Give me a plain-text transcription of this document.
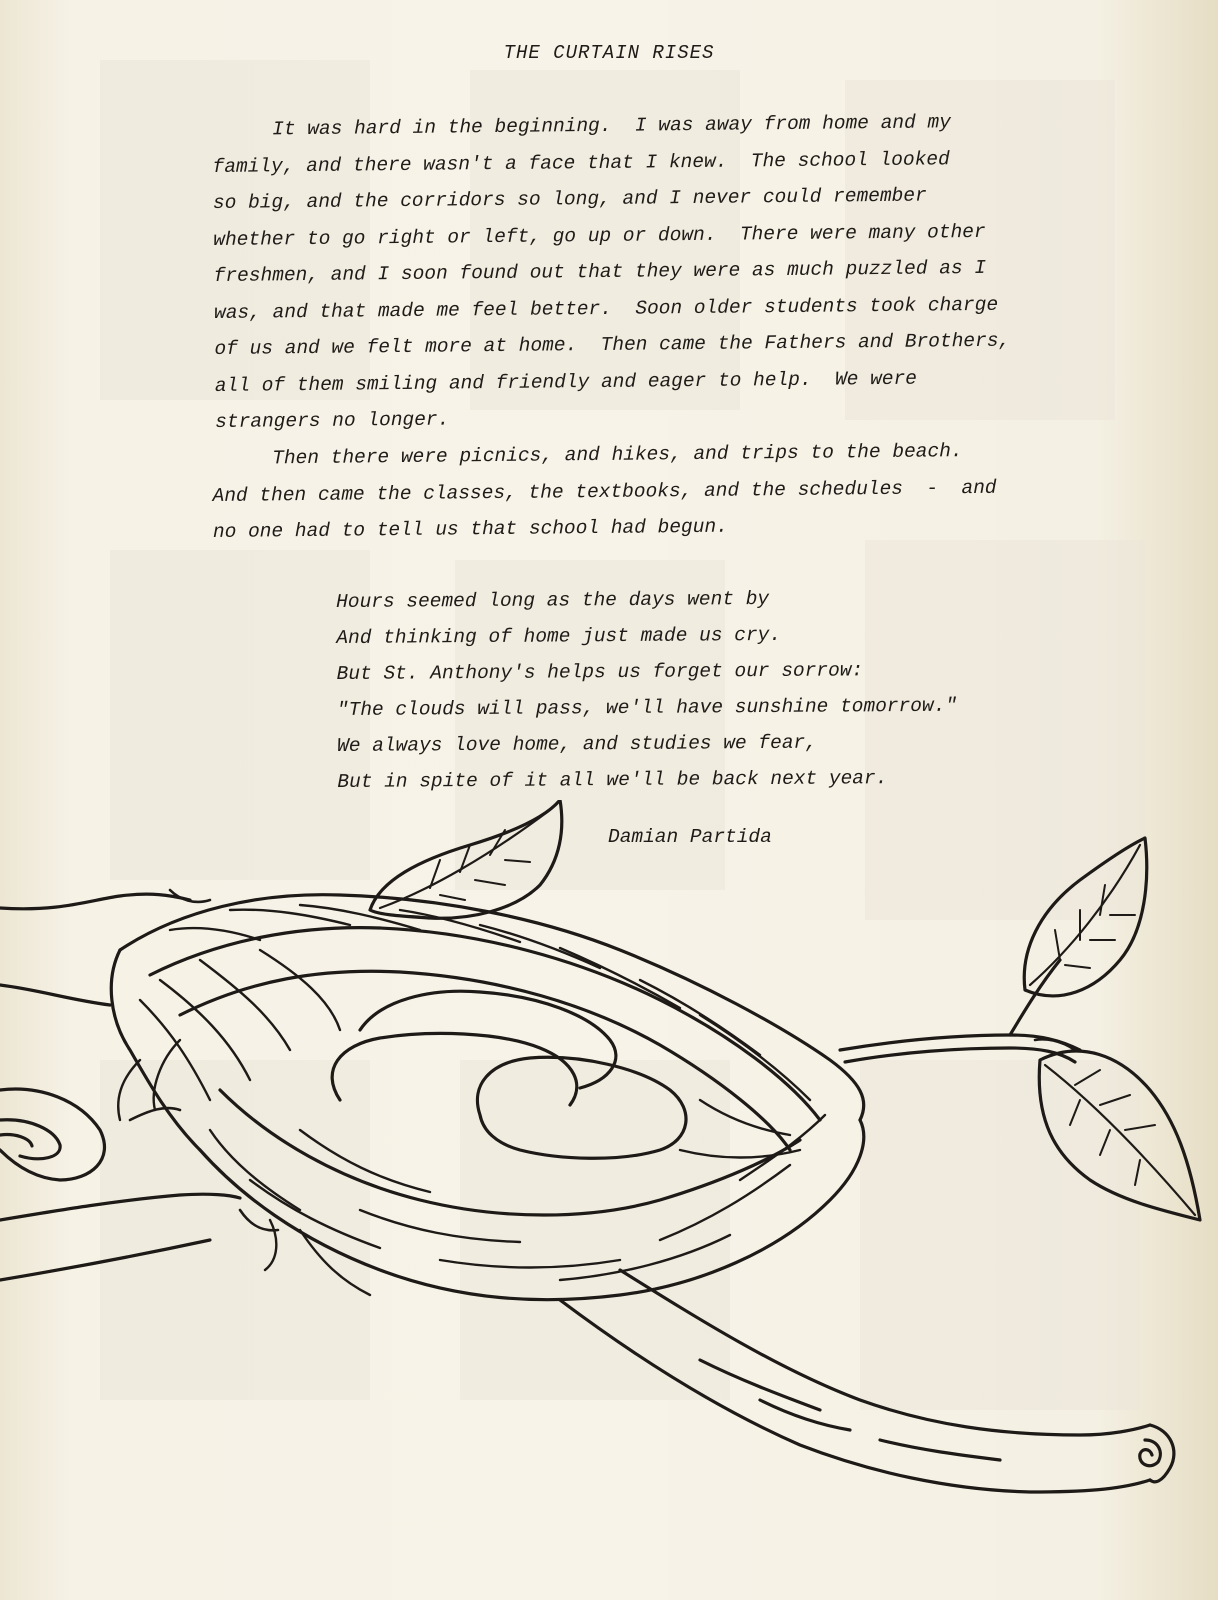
THE CURTAIN RISES

It was hard in the beginning.  I was away from home and my
family, and there wasn't a face that I knew.  The school looked
so big, and the corridors so long, and I never could remember
whether to go right or left, go up or down.  There were many other
freshmen, and I soon found out that they were as much puzzled as I
was, and that made me feel better.  Soon older students took charge
of us and we felt more at home.  Then came the Fathers and Brothers,
all of them smiling and friendly and eager to help.  We were
strangers no longer.

Then there were picnics, and hikes, and trips to the beach.
And then came the classes, the textbooks, and the schedules  -  and
no one had to tell us that school had begun.

Hours seemed long as the days went by
And thinking of home just made us cry.
But St. Anthony's helps us forget our sorrow:
"The clouds will pass, we'll have sunshine tomorrow."
We always love home, and studies we fear,
But in spite of it all we'll be back next year.
Damian Partida
